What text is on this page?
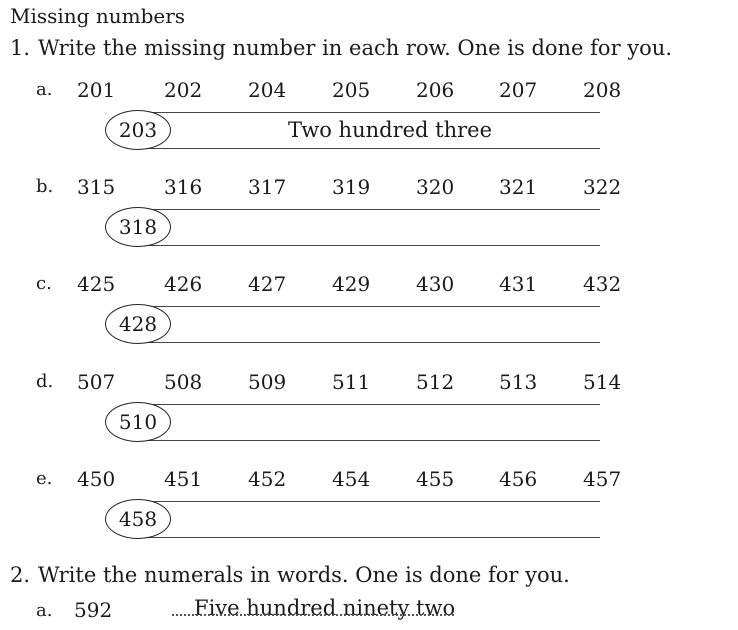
Missing numbers
1. Write the missing number in each row. One is done for you.
a. 201 202 204 205 206 207 208
203	Two hundred three
b. 315 316 317 319 320 321 322
318
c. 425 426 427 429 430 431 432
428
d. 507 508 509 511 512 513 514
510
e. 450 451 452 454 455 456 457
458
2. Write the numerals in words. One is done for you.
a. 592	Five hundred ninety two
